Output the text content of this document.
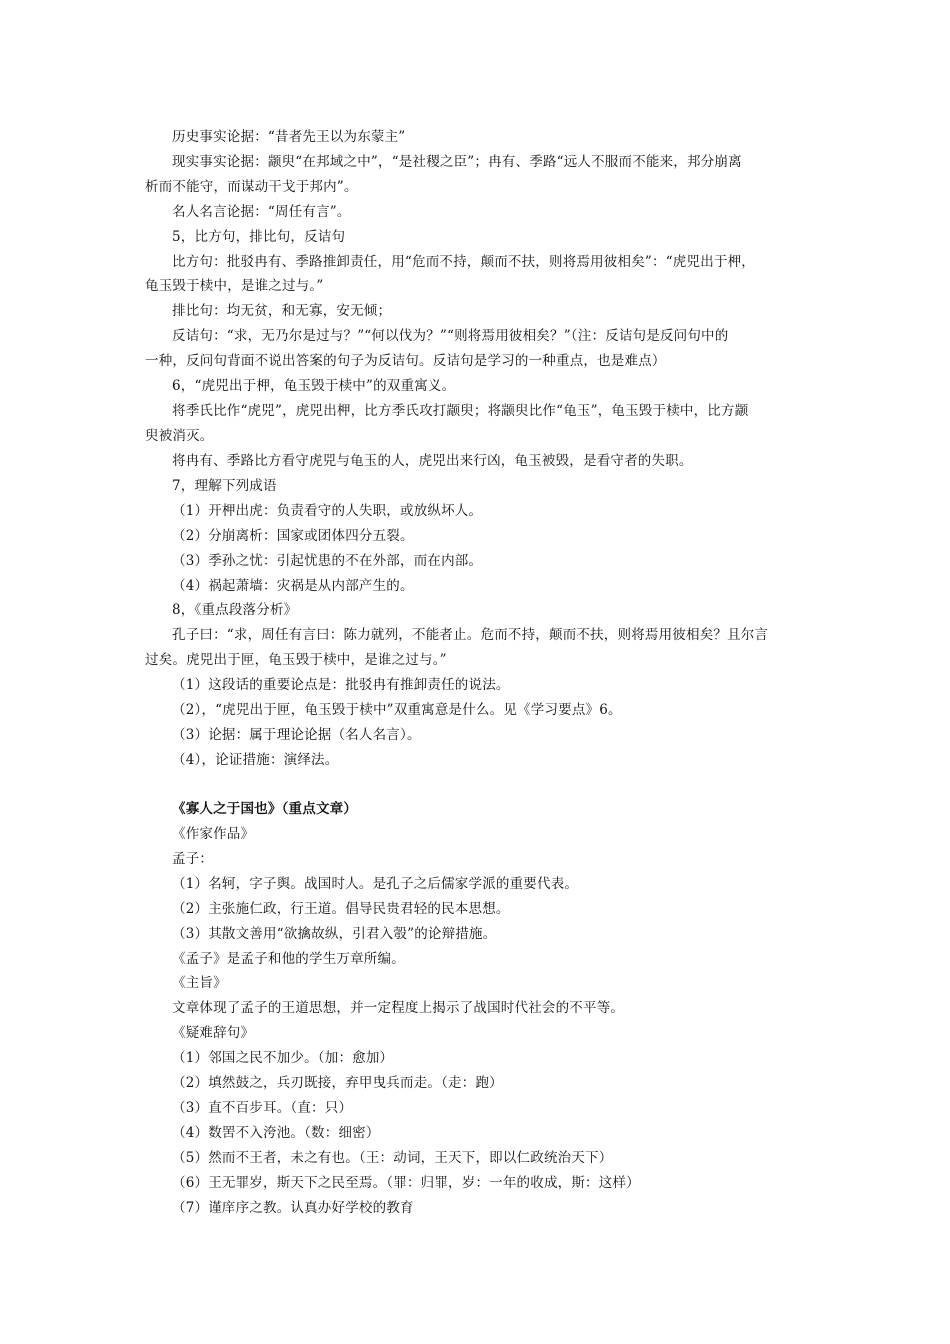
历史事实论据：“昔者先王以为东蒙主”
现实事实论据：颛臾“在邦域之中”，“是社稷之臣”；冉有、季路“远人不服而不能来，邦分崩离
析而不能守，而谋动干戈于邦内”。
名人名言论据：“周任有言”。
5，比方句，排比句，反诘句
比方句：批驳冉有、季路推卸责任，用“危而不持，颠而不扶，则将焉用彼相矣”：“虎兕出于柙，
龟玉毁于椟中，是谁之过与。”
排比句：均无贫，和无寡，安无倾；
反诘句：“求，无乃尔是过与？”“何以伐为？”“则将焉用彼相矣？”（注：反诘句是反问句中的
一种，反问句背面不说出答案的句子为反诘句。反诘句是学习的一种重点，也是难点）
6，“虎兕出于柙，龟玉毁于椟中”的双重寓义。
将季氏比作“虎兕”，虎兕出柙，比方季氏攻打颛臾；将颛臾比作“龟玉”，龟玉毁于椟中，比方颛
臾被消灭。
将冉有、季路比方看守虎兕与龟玉的人，虎兕出来行凶，龟玉被毁，是看守者的失职。
7，理解下列成语
（1）开柙出虎：负责看守的人失职，或放纵坏人。
（2）分崩离析：国家或团体四分五裂。
（3）季孙之忧：引起忧患的不在外部，而在内部。
（4）祸起萧墙：灾祸是从内部产生的。
8，《重点段落分析》
孔子曰：“求，周任有言曰：陈力就列，不能者止。危而不持，颠而不扶，则将焉用彼相矣？且尔言
过矣。虎兕出于匣，龟玉毁于椟中，是谁之过与。”
（1）这段话的重要论点是：批驳冉有推卸责任的说法。
（2），“虎兕出于匣，龟玉毁于椟中”双重寓意是什么。见《学习要点》6。
（3）论据：属于理论论据（名人名言）。
（4），论证措施：演绎法。
《寡人之于国也》（重点文章）
《作家作品》
孟子：
（1）名轲，字子舆。战国时人。是孔子之后儒家学派的重要代表。
（2）主张施仁政，行王道。倡导民贵君轻的民本思想。
（3）其散文善用“欲擒故纵，引君入彀”的论辩措施。
《孟子》是孟子和他的学生万章所编。
《主旨》
文章体现了孟子的王道思想，并一定程度上揭示了战国时代社会的不平等。
《疑难辞句》
（1）邻国之民不加少。（加：愈加）
（2）填然鼓之，兵刃既接，弃甲曳兵而走。（走：跑）
（3）直不百步耳。（直：只）
（4）数罟不入洿池。（数：细密）
（5）然而不王者，未之有也。（王：动词，王天下，即以仁政统治天下）
（6）王无罪岁，斯天下之民至焉。（罪：归罪，岁：一年的收成，斯：这样）
（7）谨庠序之教。认真办好学校的教育
